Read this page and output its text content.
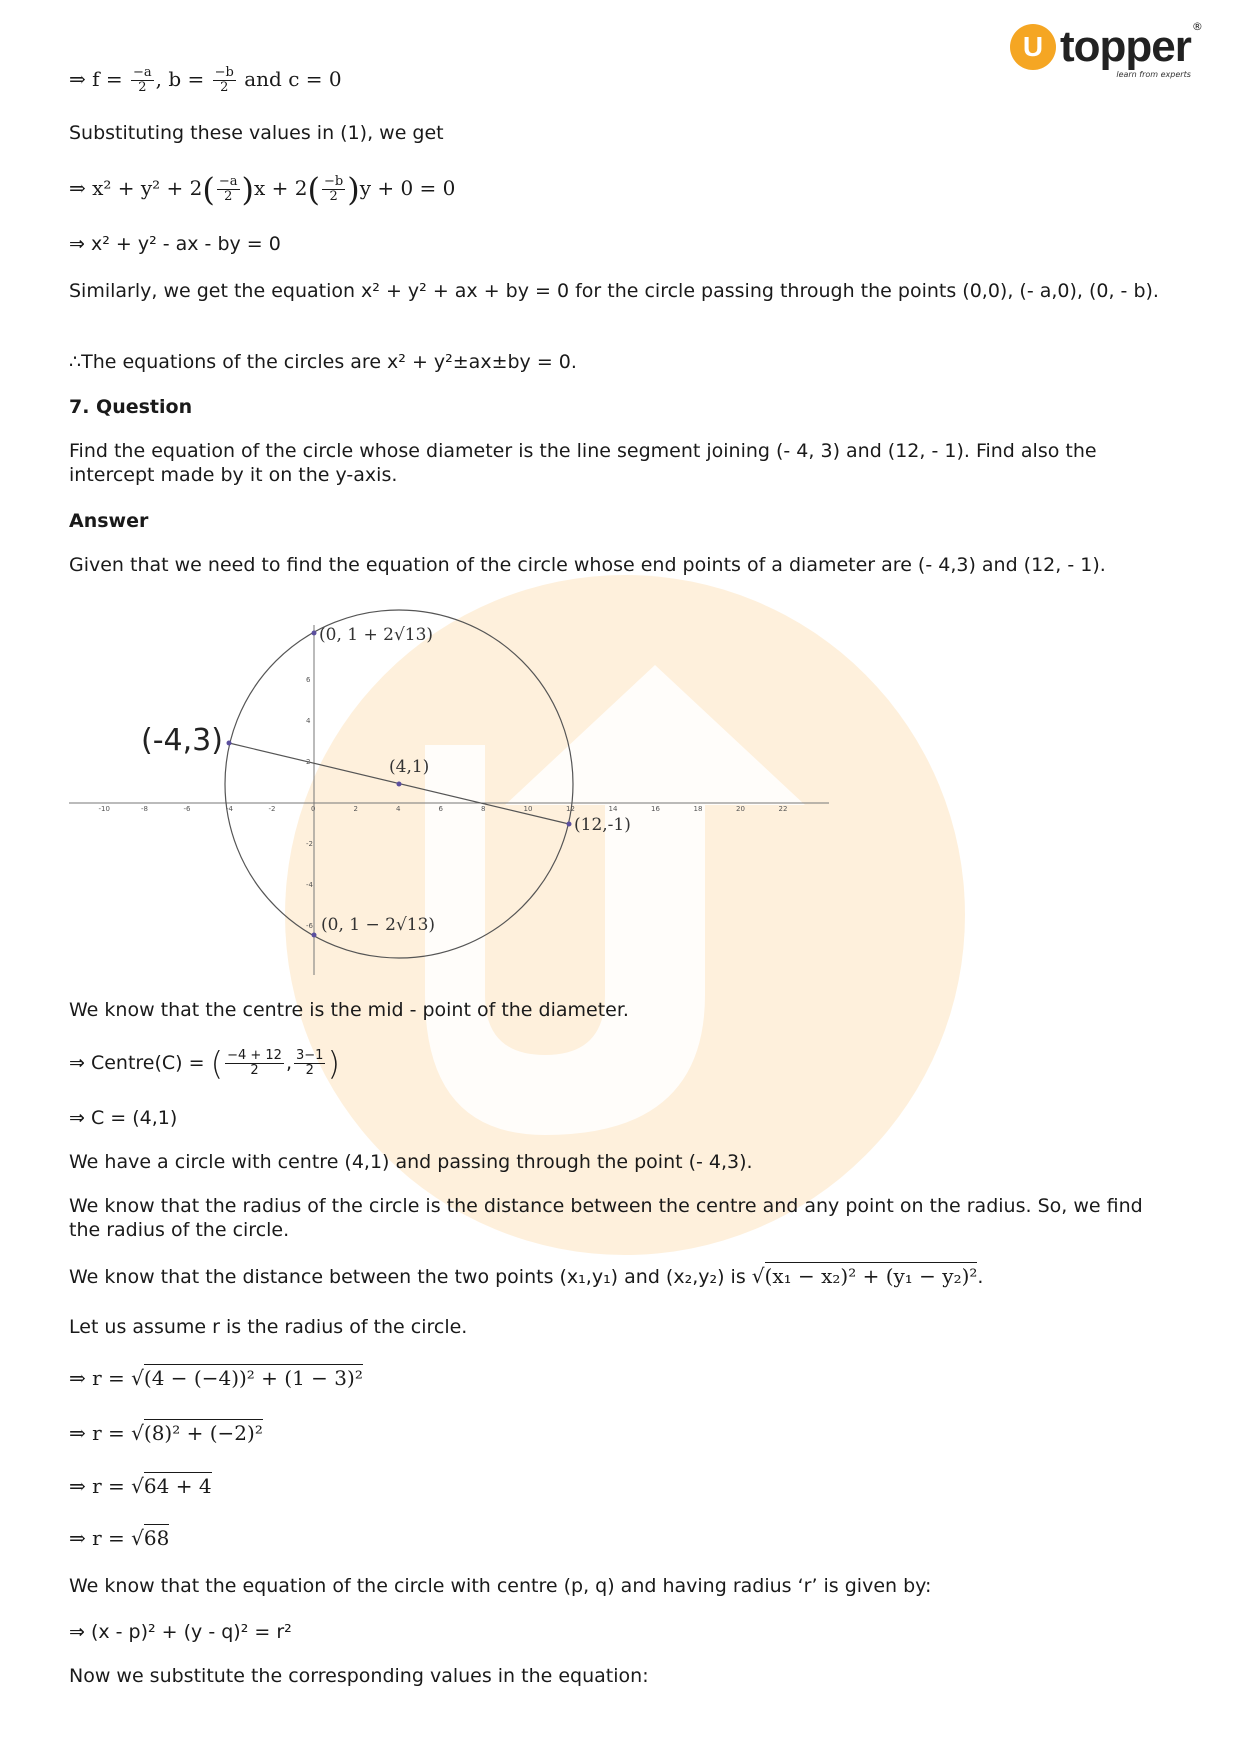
U topper ®
learn from experts
⇒ $f = \frac{-a}{2}$ , $b = \frac{-b}{2}$ and c = 0
Substituting these values in (1), we get
⇒ $x^2 + y^2 + 2( \frac{-a}{2} )x + 2( \frac{-b}{2} )y + 0 = 0$
⇒ x² + y² - ax - by = 0
Similarly, we get the equation x² + y² + ax + by = 0 for the circle passing through the points (0,0), (- a,0), (0, - b).
∴The equations of the circles are x² + y²±ax±by = 0.
7. Question
Find the equation of the circle whose diameter is the line segment joining (- 4, 3) and (12, - 1). Find also the intercept made by it on the y-axis.
Answer
Given that we need to find the equation of the circle whose end points of a diameter are (- 4,3) and (12, - 1).
We know that the centre is the mid - point of the diameter.
⇒ Centre(C) = ( $\frac{-4 + 12}{2}$ , $\frac{3-1}{2}$ )
⇒ C = (4,1)
We have a circle with centre (4,1) and passing through the point (- 4,3).
We know that the radius of the circle is the distance between the centre and any point on the radius. So, we find the radius of the circle.
We know that the distance between the two points (x₁,y₁) and (x₂,y₂) is √(x₁ − x₂)² + (y₁ − y₂)².
Let us assume r is the radius of the circle.
⇒ r = √(4 − (−4))² + (1 − 3)²
⇒ r = √(8)² + (−2)²
⇒ r = √64 + 4
⇒ r = √68
We know that the equation of the circle with centre (p, q) and having radius ‘r’ is given by:
⇒ (x - p)² + (y - q)² = r²
Now we substitute the corresponding values in the equation:
-10	-8	-6	-4	-2	0	2	4	6	8	10	12	14	16	18	20	22
6
4
-2
-4
-6
(-4,3)
(4,1)
(12,-1)
(0, 1 + 2√13)
(0, 1 − 2√13)
